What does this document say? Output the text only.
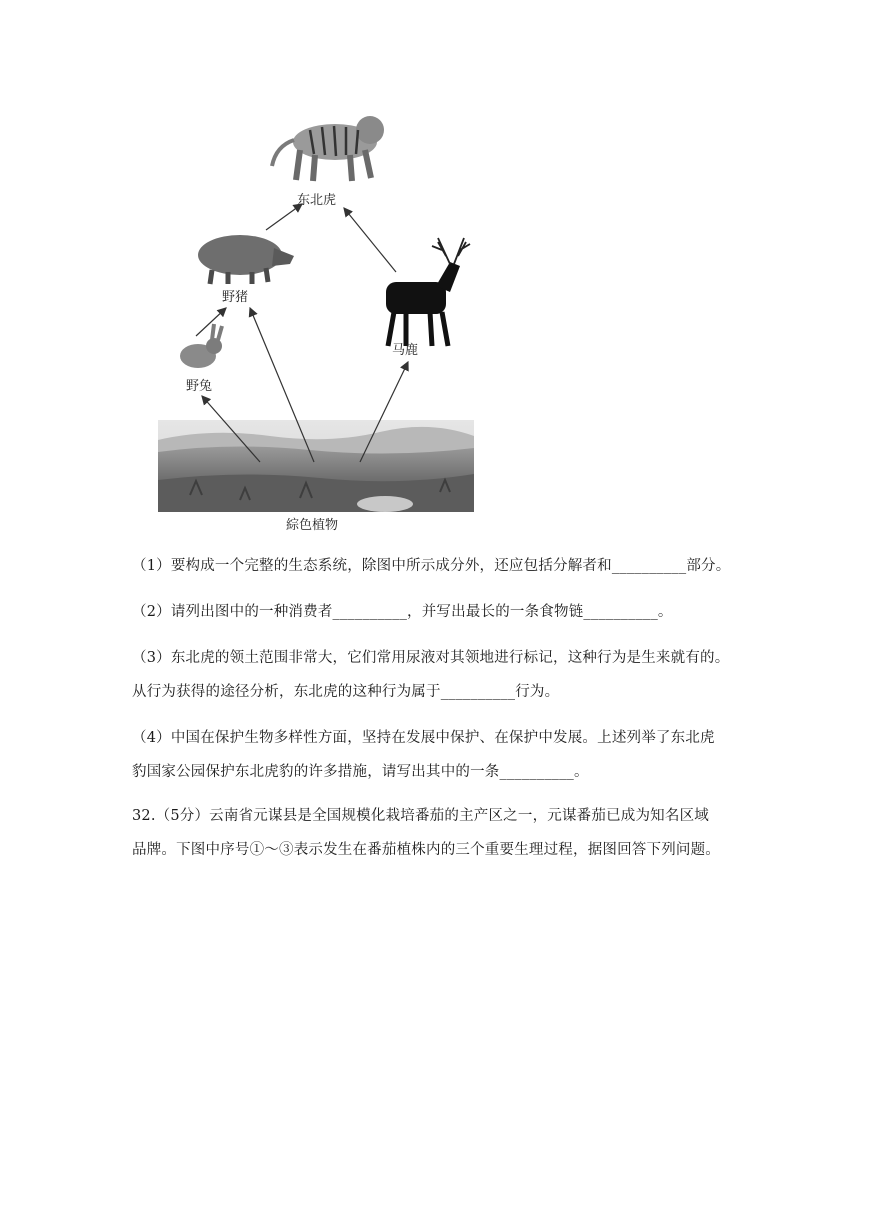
东北虎
野猪
马鹿
野兔
綜色植物
（1）要构成一个完整的生态系统，除图中所示成分外，还应包括分解者和__________部分。
（2）请列出图中的一种消费者__________，并写出最长的一条食物链__________。
（3）东北虎的领土范围非常大，它们常用尿液对其领地进行标记，这种行为是生来就有的。
从行为获得的途径分析，东北虎的这种行为属于__________行为。
（4）中国在保护生物多样性方面，坚持在发展中保护、在保护中发展。上述列举了东北虎
豹国家公园保护东北虎豹的许多措施，请写出其中的一条__________。
32.（5分）云南省元谋县是全国规模化栽培番茄的主产区之一，元谋番茄已成为知名区域
品牌。下图中序号①～③表示发生在番茄植株内的三个重要生理过程，据图回答下列问题。
